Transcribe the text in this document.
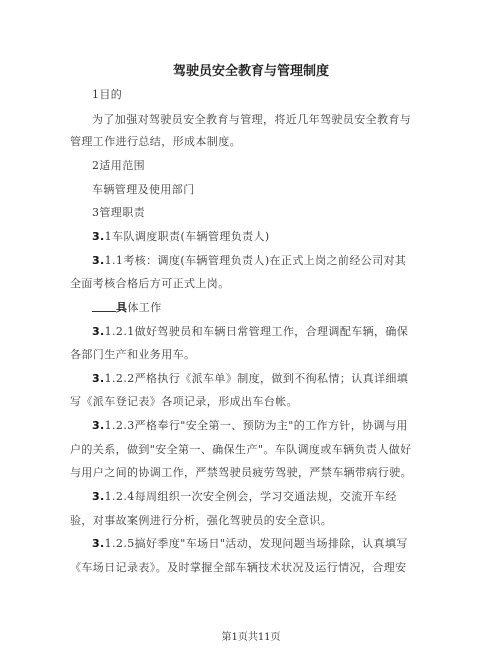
驾驶员安全教育与管理制度
1目的
为了加强对驾驶员安全教育与管理，将近几年驾驶员安全教育与
管理工作进行总结，形成本制度。
2适用范围
车辆管理及使用部门
3管理职责
3.1车队调度职责(车辆管理负责人)
3.1.1考核：调度(车辆管理负责人)在正式上岗之前经公司对其
全面考核合格后方可正式上岗。
具体工作
3.1.2.1做好驾驶员和车辆日常管理工作，合理调配车辆，确保
各部门生产和业务用车。
3.1.2.2严格执行《派车单》制度，做到不徇私情；认真详细填
写《派车登记表》各项记录，形成出车台帐。
3.1.2.3严格奉行"安全第一、预防为主"的工作方针，协调与用
户的关系，做到"安全第一、确保生产"。车队调度或车辆负责人做好
与用户之间的协调工作，严禁驾驶员疲劳驾驶，严禁车辆带病行驶。
3.1.2.4每周组织一次安全例会，学习交通法规，交流开车经
验，对事故案例进行分析，强化驾驶员的安全意识。
3.1.2.5搞好季度"车场日"活动，发现问题当场排除，认真填写
《车场日记录表》。及时掌握全部车辆技术状况及运行情况，合理安
第1页共11页
